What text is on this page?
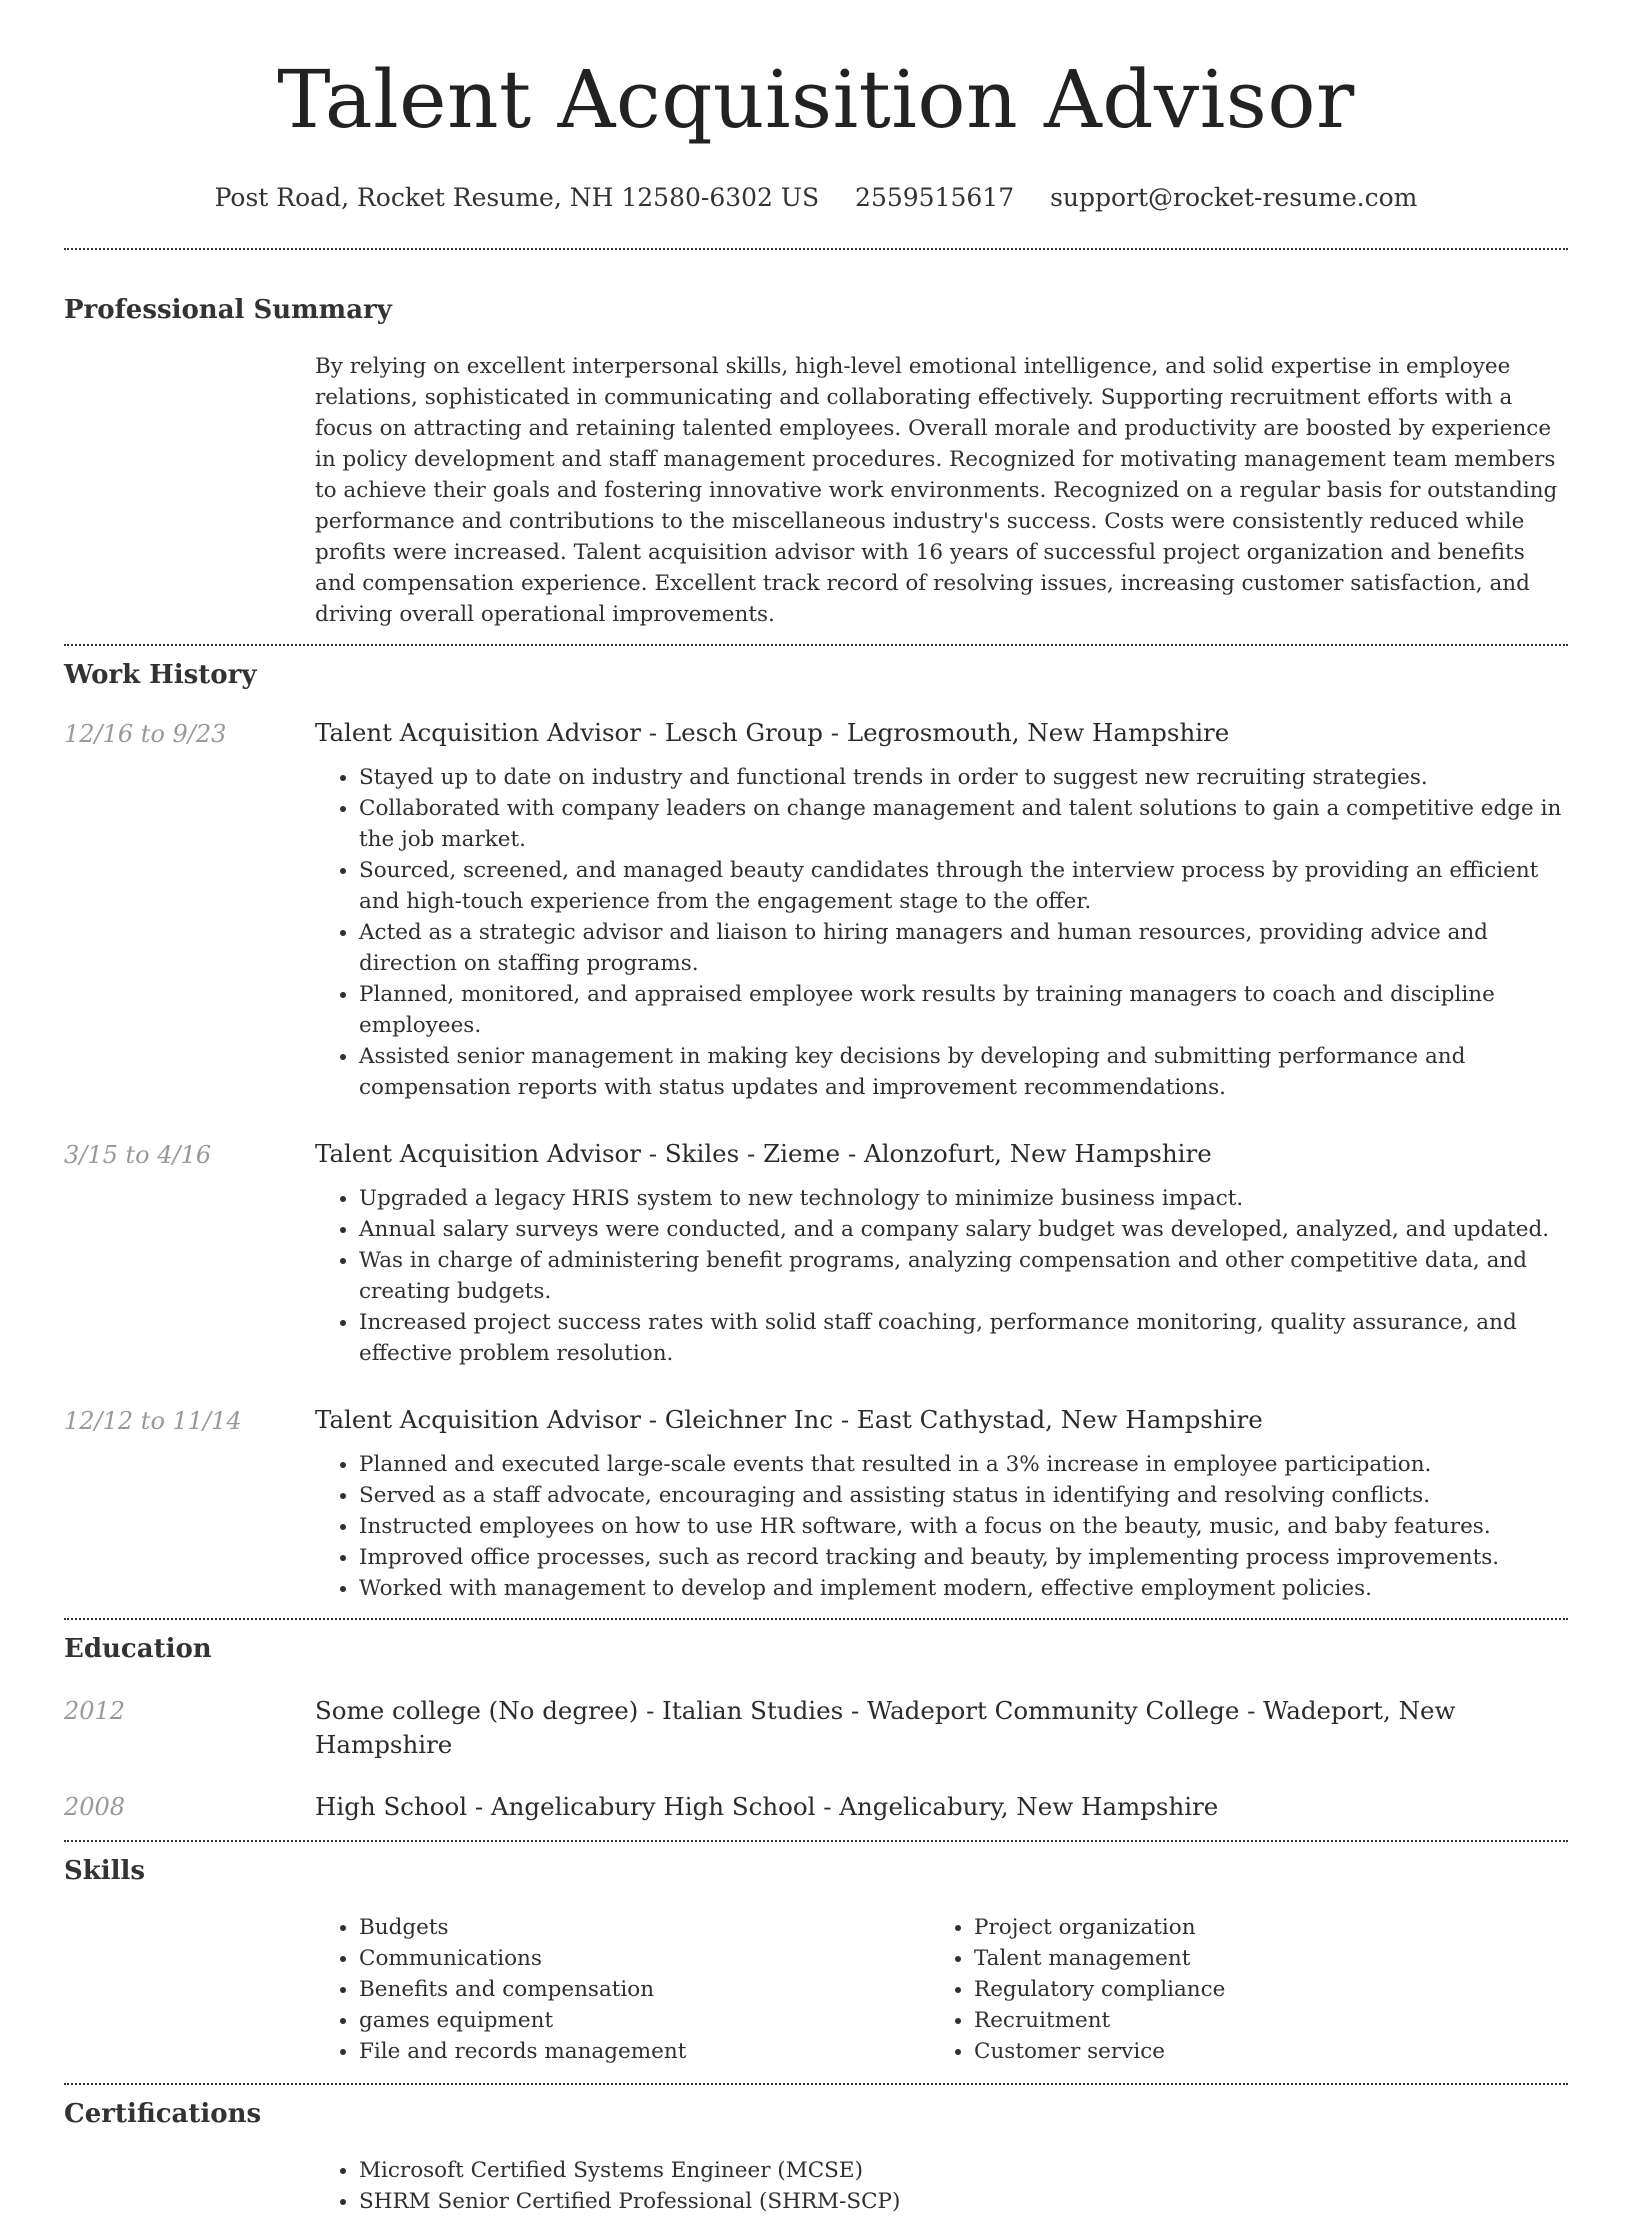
Talent Acquisition Advisor
Post Road, Rocket Resume, NH 12580-6302 US 2559515617 support@rocket-resume.com
Professional Summary

By relying on excellent interpersonal skills, high-level emotional intelligence, and solid expertise in employee relations, sophisticated in communicating and collaborating effectively. Supporting recruitment efforts with a focus on attracting and retaining talented employees. Overall morale and productivity are boosted by experience in policy development and staff management procedures. Recognized for motivating management team members to achieve their goals and fostering innovative work environments. Recognized on a regular basis for outstanding performance and contributions to the miscellaneous industry's success. Costs were consistently reduced while profits were increased. Talent acquisition advisor with 16 years of successful project organization and benefits and compensation experience. Excellent track record of resolving issues, increasing customer satisfaction, and driving overall operational improvements.

Work History
12/16 to 9/23	Talent Acquisition Advisor - Lesch Group - Legrosmouth, New Hampshire
• Stayed up to date on industry and functional trends in order to suggest new recruiting strategies.
• Collaborated with company leaders on change management and talent solutions to gain a competitive edge in the job market.
• Sourced, screened, and managed beauty candidates through the interview process by providing an efficient and high-touch experience from the engagement stage to the offer.
• Acted as a strategic advisor and liaison to hiring managers and human resources, providing advice and direction on staffing programs.
• Planned, monitored, and appraised employee work results by training managers to coach and discipline employees.
• Assisted senior management in making key decisions by developing and submitting performance and compensation reports with status updates and improvement recommendations.
3/15 to 4/16	Talent Acquisition Advisor - Skiles - Zieme - Alonzofurt, New Hampshire
• Upgraded a legacy HRIS system to new technology to minimize business impact.
• Annual salary surveys were conducted, and a company salary budget was developed, analyzed, and updated.
• Was in charge of administering benefit programs, analyzing compensation and other competitive data, and creating budgets.
• Increased project success rates with solid staff coaching, performance monitoring, quality assurance, and effective problem resolution.
12/12 to 11/14	Talent Acquisition Advisor - Gleichner Inc - East Cathystad, New Hampshire
• Planned and executed large-scale events that resulted in a 3% increase in employee participation.
• Served as a staff advocate, encouraging and assisting status in identifying and resolving conflicts.
• Instructed employees on how to use HR software, with a focus on the beauty, music, and baby features.
• Improved office processes, such as record tracking and beauty, by implementing process improvements.
• Worked with management to develop and implement modern, effective employment policies.
Education
2012	Some college (No degree) - Italian Studies - Wadeport Community College - Wadeport, New Hampshire
2008	High School - Angelicabury High School - Angelicabury, New Hampshire
Skills
• Budgets
• Communications
• Benefits and compensation
• games equipment
• File and records management
• Project organization
• Talent management
• Regulatory compliance
• Recruitment
• Customer service
Certifications
• Microsoft Certified Systems Engineer (MCSE)
• SHRM Senior Certified Professional (SHRM-SCP)
